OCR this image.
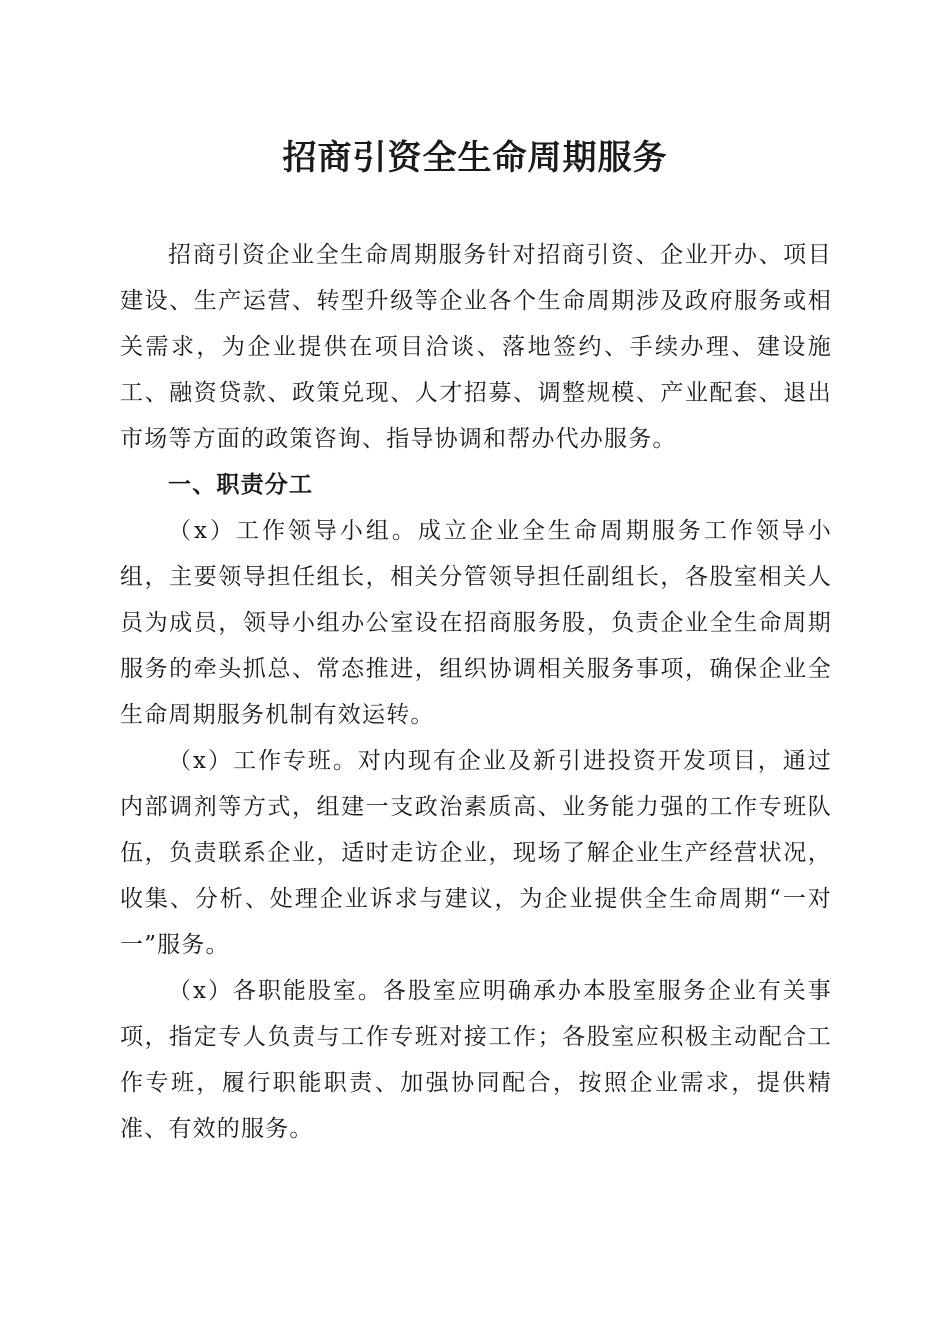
招商引资全生命周期服务

招商引资企业全生命周期服务针对招商引资、企业开办、项目建设、生产运营、转型升级等企业各个生命周期涉及政府服务或相关需求，为企业提供在项目洽谈、落地签约、手续办理、建设施工、融资贷款、政策兑现、人才招募、调整规模、产业配套、退出市场等方面的政策咨询、指导协调和帮办代办服务。

一、职责分工

（x）工作领导小组。成立企业全生命周期服务工作领导小组，主要领导担任组长，相关分管领导担任副组长，各股室相关人员为成员，领导小组办公室设在招商服务股，负责企业全生命周期服务的牵头抓总、常态推进，组织协调相关服务事项，确保企业全生命周期服务机制有效运转。

（x）工作专班。对内现有企业及新引进投资开发项目，通过内部调剂等方式，组建一支政治素质高、业务能力强的工作专班队伍，负责联系企业，适时走访企业，现场了解企业生产经营状况，收集、分析、处理企业诉求与建议，为企业提供全生命周期“一对一”服务。

（x）各职能股室。各股室应明确承办本股室服务企业有关事项，指定专人负责与工作专班对接工作；各股室应积极主动配合工作专班，履行职能职责、加强协同配合，按照企业需求，提供精准、有效的服务。
